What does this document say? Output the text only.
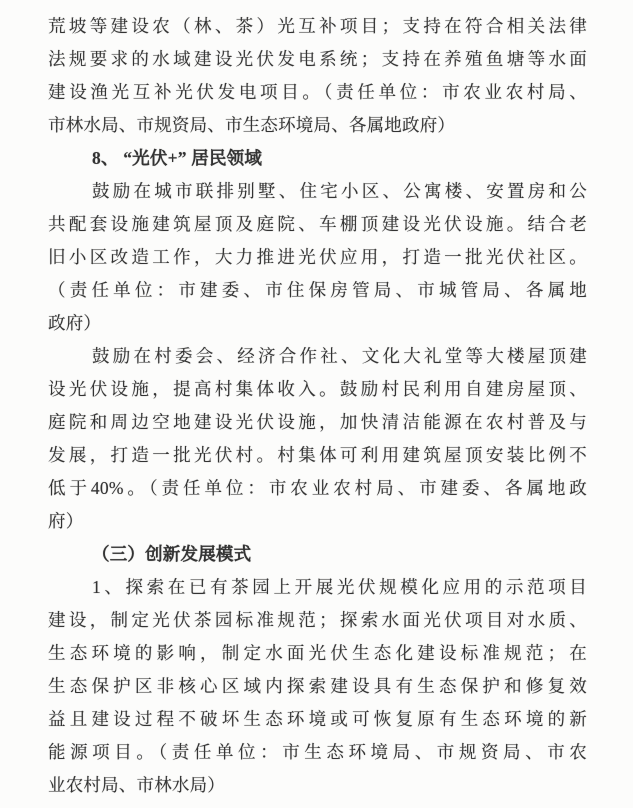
荒坡等建设农（林、茶）光互补项目；支持在符合相关法律
法规要求的水域建设光伏发电系统；支持在养殖鱼塘等水面
建设渔光互补光伏发电项目。（责任单位：市农业农村局、
市林水局、市规资局、市生态环境局、各属地政府）
8、 “光伏+” 居民领域
鼓励在城市联排别墅、住宅小区、公寓楼、安置房和公
共配套设施建筑屋顶及庭院、车棚顶建设光伏设施。结合老
旧小区改造工作，大力推进光伏应用，打造一批光伏社区。
（责任单位：市建委、市住保房管局、市城管局、各属地
政府）
鼓励在村委会、经济合作社、文化大礼堂等大楼屋顶建
设光伏设施，提高村集体收入。鼓励村民利用自建房屋顶、
庭院和周边空地建设光伏设施，加快清洁能源在农村普及与
发展，打造一批光伏村。村集体可利用建筑屋顶安装比例不
低于40%。（责任单位：市农业农村局、市建委、各属地政
府）
（三）创新发展模式
1、探索在已有茶园上开展光伏规模化应用的示范项目
建设，制定光伏茶园标准规范；探索水面光伏项目对水质、
生态环境的影响，制定水面光伏生态化建设标准规范；在
生态保护区非核心区域内探索建设具有生态保护和修复效
益且建设过程不破坏生态环境或可恢复原有生态环境的新
能源项目。（责任单位：市生态环境局、市规资局、市农
业农村局、市林水局）
